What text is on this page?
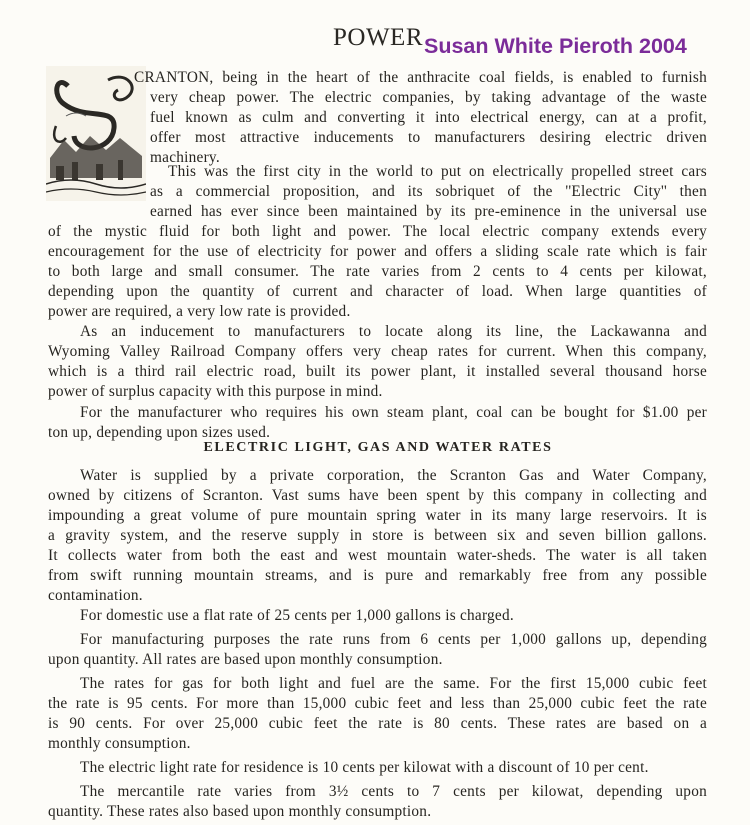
POWER Susan White Pieroth 2004
CRANTON, being in the heart of the anthracite coal fields, is enabled to furnish
very cheap power. The electric companies, by taking advantage of the waste
fuel known as culm and converting it into electrical energy, can at a profit,
offer most attractive inducements to manufacturers desiring electric driven
machinery.
This was the first city in the world to put on electrically propelled street cars
as a commercial proposition, and its sobriquet of the ''Electric City'' then
earned has ever since been maintained by its pre-eminence in the universal use
of the mystic fluid for both light and power. The local electric company extends every
encouragement for the use of electricity for power and offers a sliding scale rate which is fair
to both large and small consumer. The rate varies from 2 cents to 4 cents per kilowat,
depending upon the quantity of current and character of load. When large quantities of
power are required, a very low rate is provided.
As an inducement to manufacturers to locate along its line, the Lackawanna and
Wyoming Valley Railroad Company offers very cheap rates for current. When this company,
which is a third rail electric road, built its power plant, it installed several thousand horse
power of surplus capacity with this purpose in mind.
For the manufacturer who requires his own steam plant, coal can be bought for $1.00 per
ton up, depending upon sizes used.
ELECTRIC LIGHT, GAS AND WATER RATES
Water is supplied by a private corporation, the Scranton Gas and Water Company,
owned by citizens of Scranton. Vast sums have been spent by this company in collecting and
impounding a great volume of pure mountain spring water in its many large reservoirs. It is
a gravity system, and the reserve supply in store is between six and seven billion gallons.
It collects water from both the east and west mountain water-sheds. The water is all taken
from swift running mountain streams, and is pure and remarkably free from any possible
contamination.
For domestic use a flat rate of 25 cents per 1,000 gallons is charged.
For manufacturing purposes the rate runs from 6 cents per 1,000 gallons up, depending
upon quantity. All rates are based upon monthly consumption.
The rates for gas for both light and fuel are the same. For the first 15,000 cubic feet
the rate is 95 cents. For more than 15,000 cubic feet and less than 25,000 cubic feet the rate
is 90 cents. For over 25,000 cubic feet the rate is 80 cents. These rates are based on a
monthly consumption.
The electric light rate for residence is 10 cents per kilowat with a discount of 10 per cent.
The mercantile rate varies from 3½ cents to 7 cents per kilowat, depending upon
quantity. These rates also based upon monthly consumption.
